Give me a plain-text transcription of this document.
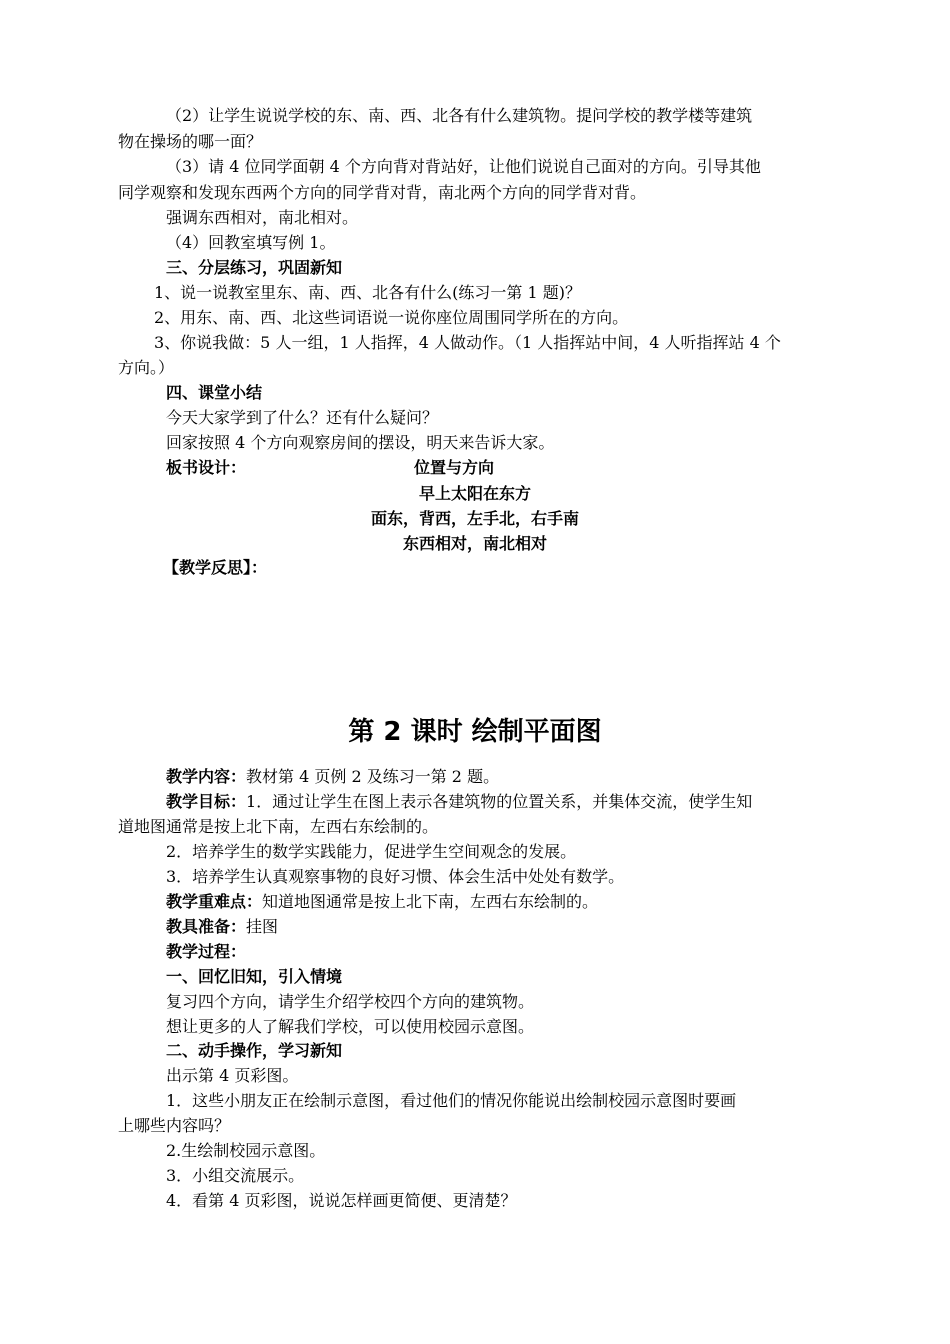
（2）让学生说说学校的东、南、西、北各有什么建筑物。提问学校的教学楼等建筑
物在操场的哪一面？
（3）请 4 位同学面朝 4 个方向背对背站好，让他们说说自己面对的方向。引导其他
同学观察和发现东西两个方向的同学背对背，南北两个方向的同学背对背。
强调东西相对，南北相对。
（4）回教室填写例 1。
三、分层练习，巩固新知
1、说一说教室里东、南、西、北各有什么(练习一第 1 题)？
2、用东、南、西、北这些词语说一说你座位周围同学所在的方向。
3、你说我做：5 人一组，1 人指挥，4 人做动作。（1 人指挥站中间，4 人听指挥站 4 个
方向。）
四、课堂小结
今天大家学到了什么？还有什么疑问？
回家按照 4 个方向观察房间的摆设，明天来告诉大家。
板书设计：	位置与方向
早上太阳在东方
面东，背西，左手北，右手南
东西相对，南北相对
【教学反思】：
第 2 课时 绘制平面图
教学内容：教材第 4 页例 2 及练习一第 2 题。
教学目标：1．通过让学生在图上表示各建筑物的位置关系，并集体交流，使学生知
道地图通常是按上北下南，左西右东绘制的。
2．培养学生的数学实践能力，促进学生空间观念的发展。
3．培养学生认真观察事物的良好习惯、体会生活中处处有数学。
教学重难点：知道地图通常是按上北下南，左西右东绘制的。
教具准备：挂图
教学过程：
一、回忆旧知，引入情境
复习四个方向，请学生介绍学校四个方向的建筑物。
想让更多的人了解我们学校，可以使用校园示意图。
二、动手操作，学习新知
出示第 4 页彩图。
1．这些小朋友正在绘制示意图，看过他们的情况你能说出绘制校园示意图时要画
上哪些内容吗？
2.生绘制校园示意图。
3．小组交流展示。
4．看第 4 页彩图，说说怎样画更简便、更清楚？
